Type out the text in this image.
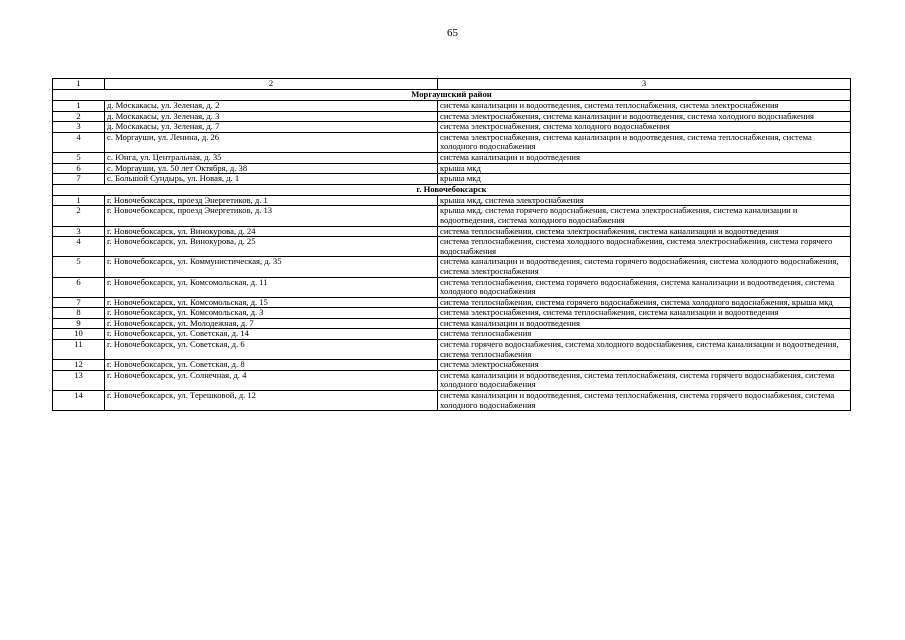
65
1	2	3
Моргаушский район		
1	д. Москакасы, ул. Зеленая, д. 2	система канализации и водоотведения, система теплоснабжения, система электроснабжения
2	д. Москакасы, ул. Зеленая, д. 3	система электроснабжения, система канализации и водоотведения, система холодного водоснабжения
3	д. Москакасы, ул. Зеленая, д. 7	система электроснабжения, система холодного водоснабжения
4	с. Моргауши, ул. Ленина, д. 26	система электроснабжения, система канализации и водоотведения, система теплоснабжения, система холодного водоснабжения
5	с. Юнга, ул. Центральная, д. 35	система канализации и водоотведения
6	с. Моргауши, ул. 50 лет Октября, д. 38	крыша мкд
7	с. Большой Сундырь, ул. Новая, д. 1	крыша мкд
г. Новочебоксарск		
1	г. Новочебоксарск, проезд Энергетиков, д. 1	крыша мкд, система электроснабжения
2	г. Новочебоксарск, проезд Энергетиков, д. 13	крыша мкд, система горячего водоснабжения, система электроснабжения, система канализации и водоотведения, система холодного водоснабжения
3	г. Новочебоксарск, ул. Винокурова, д. 24	система теплоснабжения, система электроснабжения, система канализации и водоотведения
4	г. Новочебоксарск, ул. Винокурова, д. 25	система теплоснабжения, система холодного водоснабжения, система электроснабжения, система горячего водоснабжения
5	г. Новочебоксарск, ул. Коммунистическая, д. 35	система канализации и водоотведения, система горячего водоснабжения, система холодного водоснабжения, система электроснабжения
6	г. Новочебоксарск, ул. Комсомольская, д. 11	система теплоснабжения, система горячего водоснабжения, система канализации и водоотведения, система холодного водоснабжения
7	г. Новочебоксарск, ул. Комсомольская, д. 15	система теплоснабжения, система горячего водоснабжения, система холодного водоснабжения, крыша мкд
8	г. Новочебоксарск, ул. Комсомольская, д. 3	система электроснабжения, система теплоснабжения, система канализации и водоотведения
9	г. Новочебоксарск, ул. Молодежная, д. 7	система канализации и водоотведения
10	г. Новочебоксарск, ул. Советская, д. 14	система теплоснабжения
11	г. Новочебоксарск, ул. Советская, д. 6	система горячего водоснабжения, система холодного водоснабжения, система канализации и водоотведения, система теплоснабжения
12	г. Новочебоксарск, ул. Советская, д. 8	система электроснабжения
13	г. Новочебоксарск, ул. Солнечная, д. 4	система канализации и водоотведения, система теплоснабжения, система горячего водоснабжения, система холодного водоснабжения
14	г. Новочебоксарск, ул. Терешковой, д. 12	система канализации и водоотведения, система теплоснабжения, система горячего водоснабжения, система холодного водоснабжения
